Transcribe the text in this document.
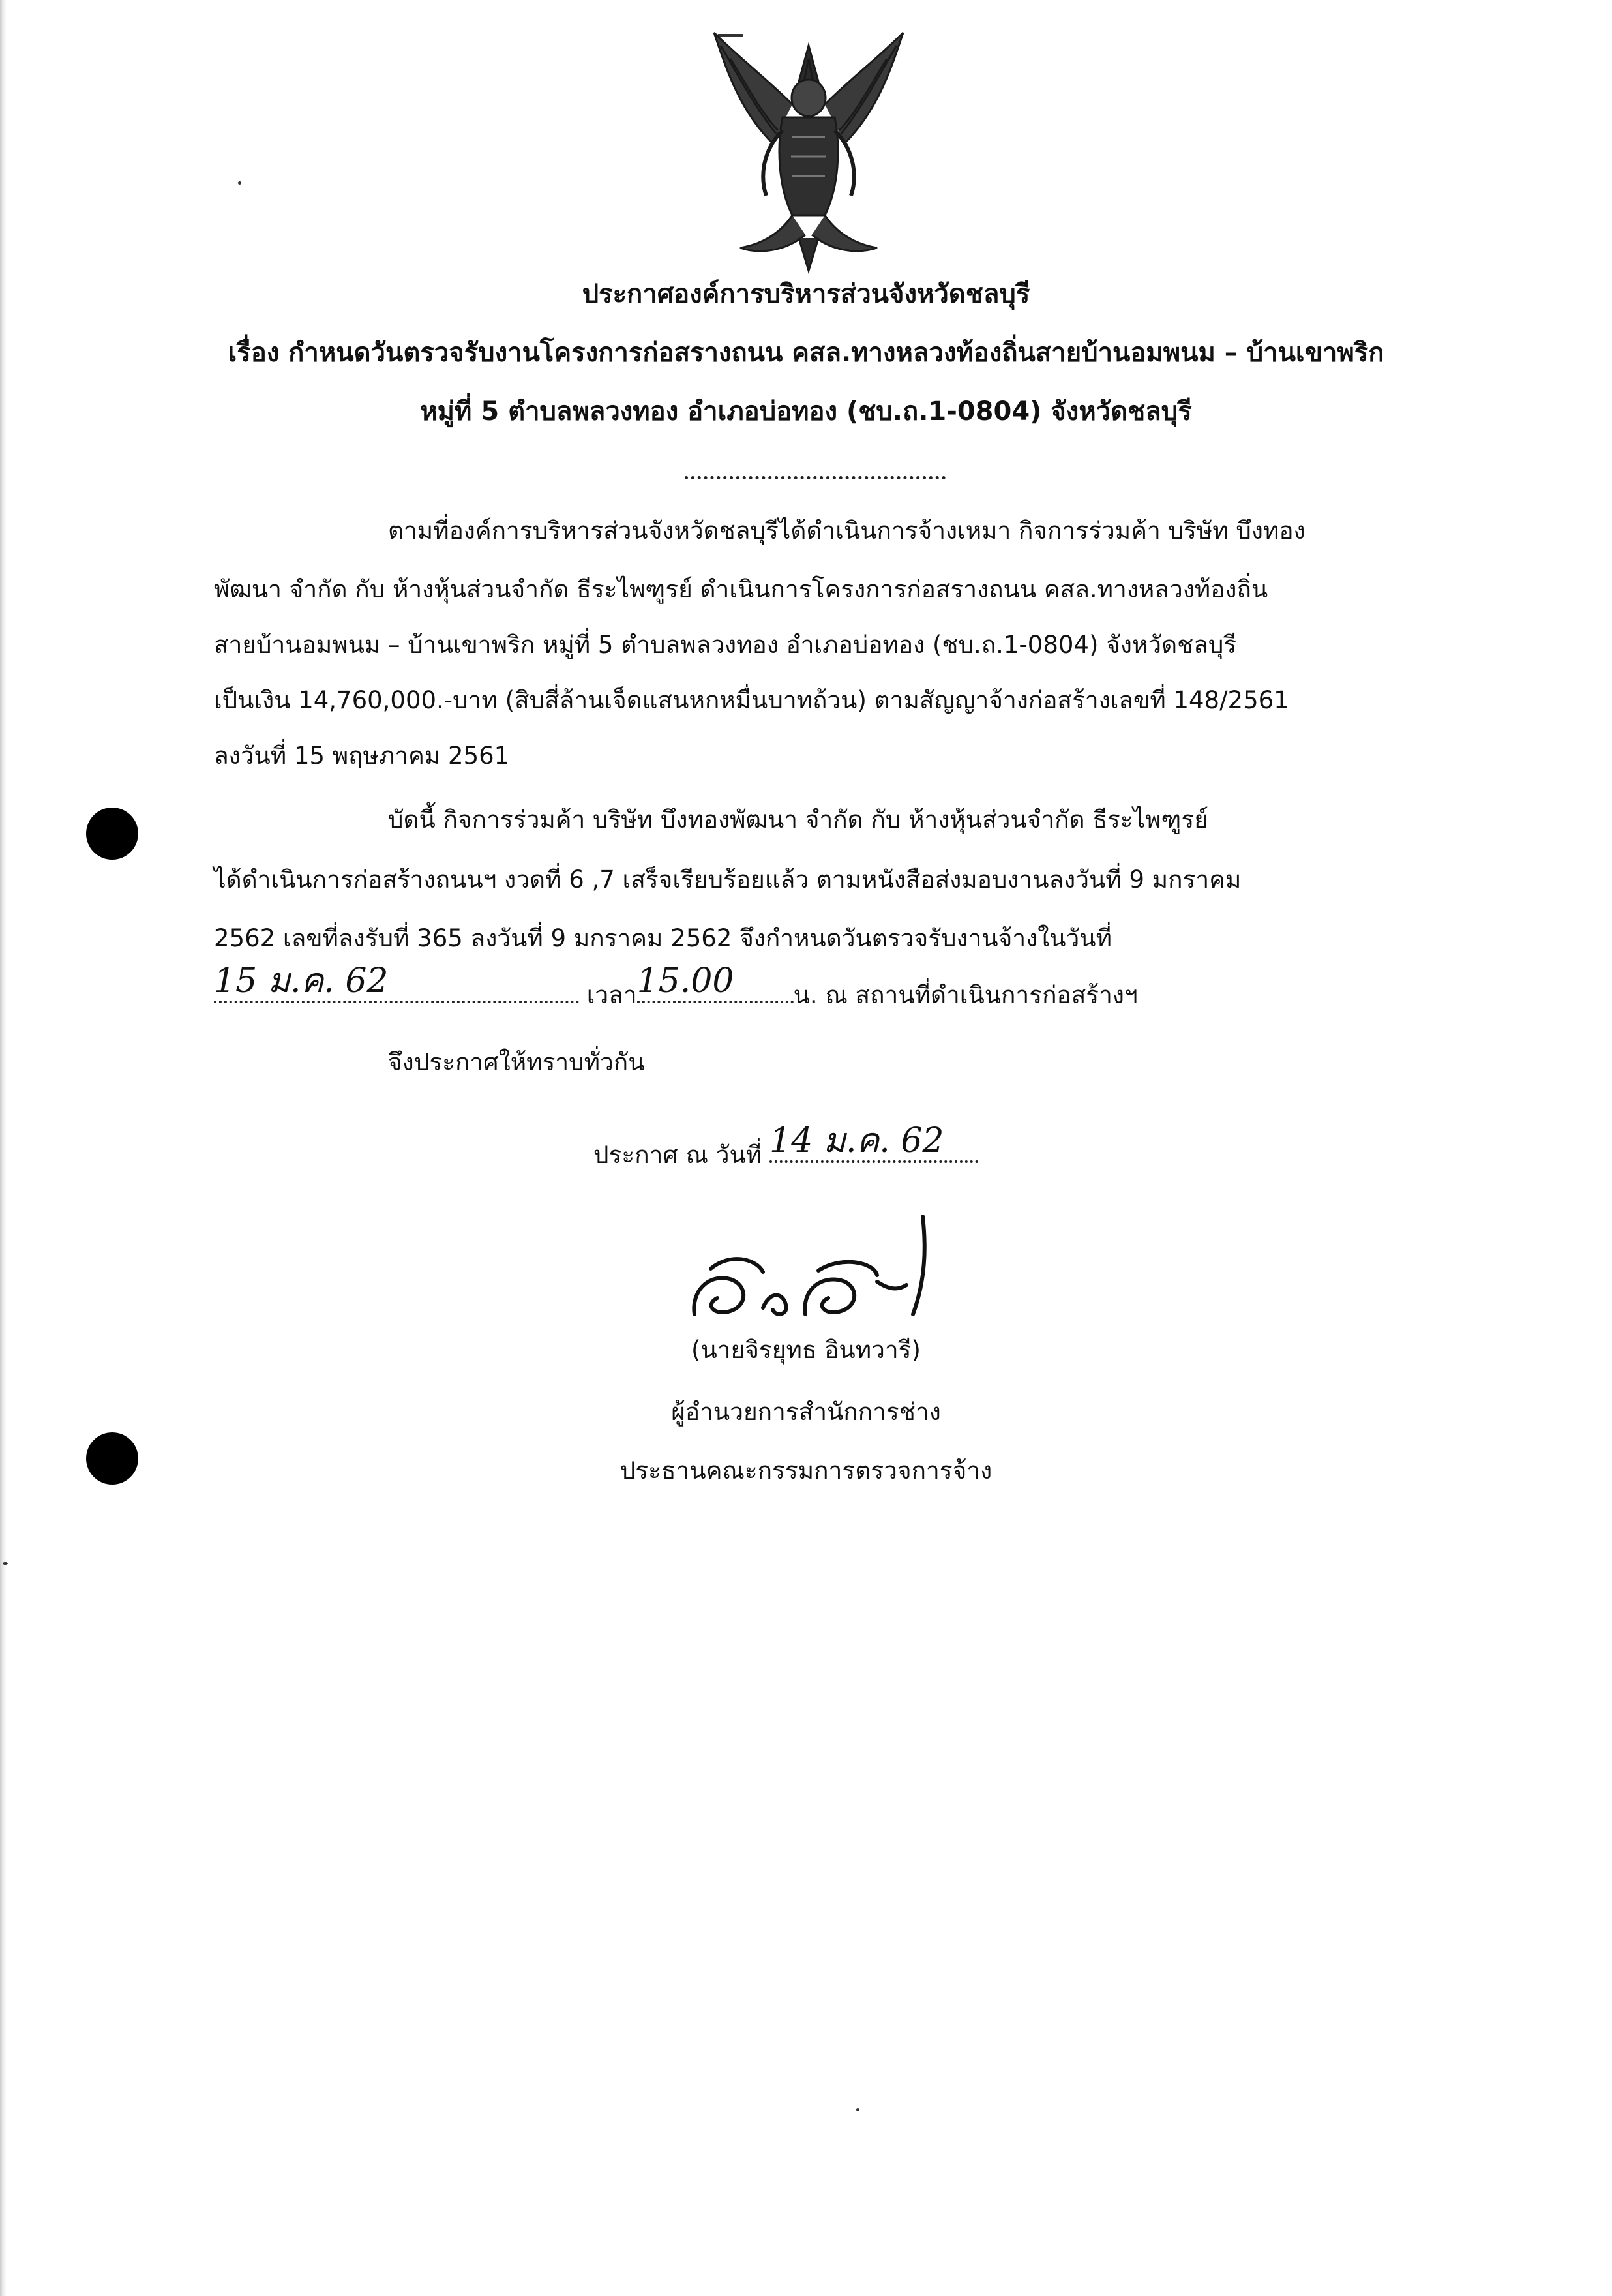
ประกาศองค์การบริหารส่วนจังหวัดชลบุรี
เรื่อง กำหนดวันตรวจรับงานโครงการก่อสรางถนน คสล.ทางหลวงท้องถิ่นสายบ้านอมพนม – บ้านเขาพริก
หมู่ที่ 5 ตำบลพลวงทอง อำเภอบ่อทอง (ชบ.ถ.1-0804) จังหวัดชลบุรี
ตามที่องค์การบริหารส่วนจังหวัดชลบุรีได้ดำเนินการจ้างเหมา กิจการร่วมค้า บริษัท บึงทอง
พัฒนา จำกัด กับ ห้างหุ้นส่วนจำกัด ธีระไพฑูรย์ ดำเนินการโครงการก่อสรางถนน คสล.ทางหลวงท้องถิ่น
สายบ้านอมพนม – บ้านเขาพริก หมู่ที่ 5 ตำบลพลวงทอง อำเภอบ่อทอง (ชบ.ถ.1-0804) จังหวัดชลบุรี
เป็นเงิน 14,760,000.-บาท (สิบสี่ล้านเจ็ดแสนหกหมื่นบาทถ้วน) ตามสัญญาจ้างก่อสร้างเลขที่ 148/2561
ลงวันที่ 15 พฤษภาคม 2561
บัดนี้ กิจการร่วมค้า บริษัท บึงทองพัฒนา จำกัด กับ ห้างหุ้นส่วนจำกัด ธีระไพฑูรย์
ได้ดำเนินการก่อสร้างถนนฯ งวดที่ 6 ,7 เสร็จเรียบร้อยแล้ว ตามหนังสือส่งมอบงานลงวันที่ 9 มกราคม
2562 เลขที่ลงรับที่ 365 ลงวันที่ 9 มกราคม 2562 จึงกำหนดวันตรวจรับงานจ้างในวันที่
15 ม.ค. 62	เวลา 15.00 น. ณ สถานที่ดำเนินการก่อสร้างฯ
จึงประกาศให้ทราบทั่วกัน
ประกาศ ณ วันที่ 14 ม.ค. 62
(นายจิรยุทธ อินทวารี)
ผู้อำนวยการสำนักการช่าง
ประธานคณะกรรมการตรวจการจ้าง
